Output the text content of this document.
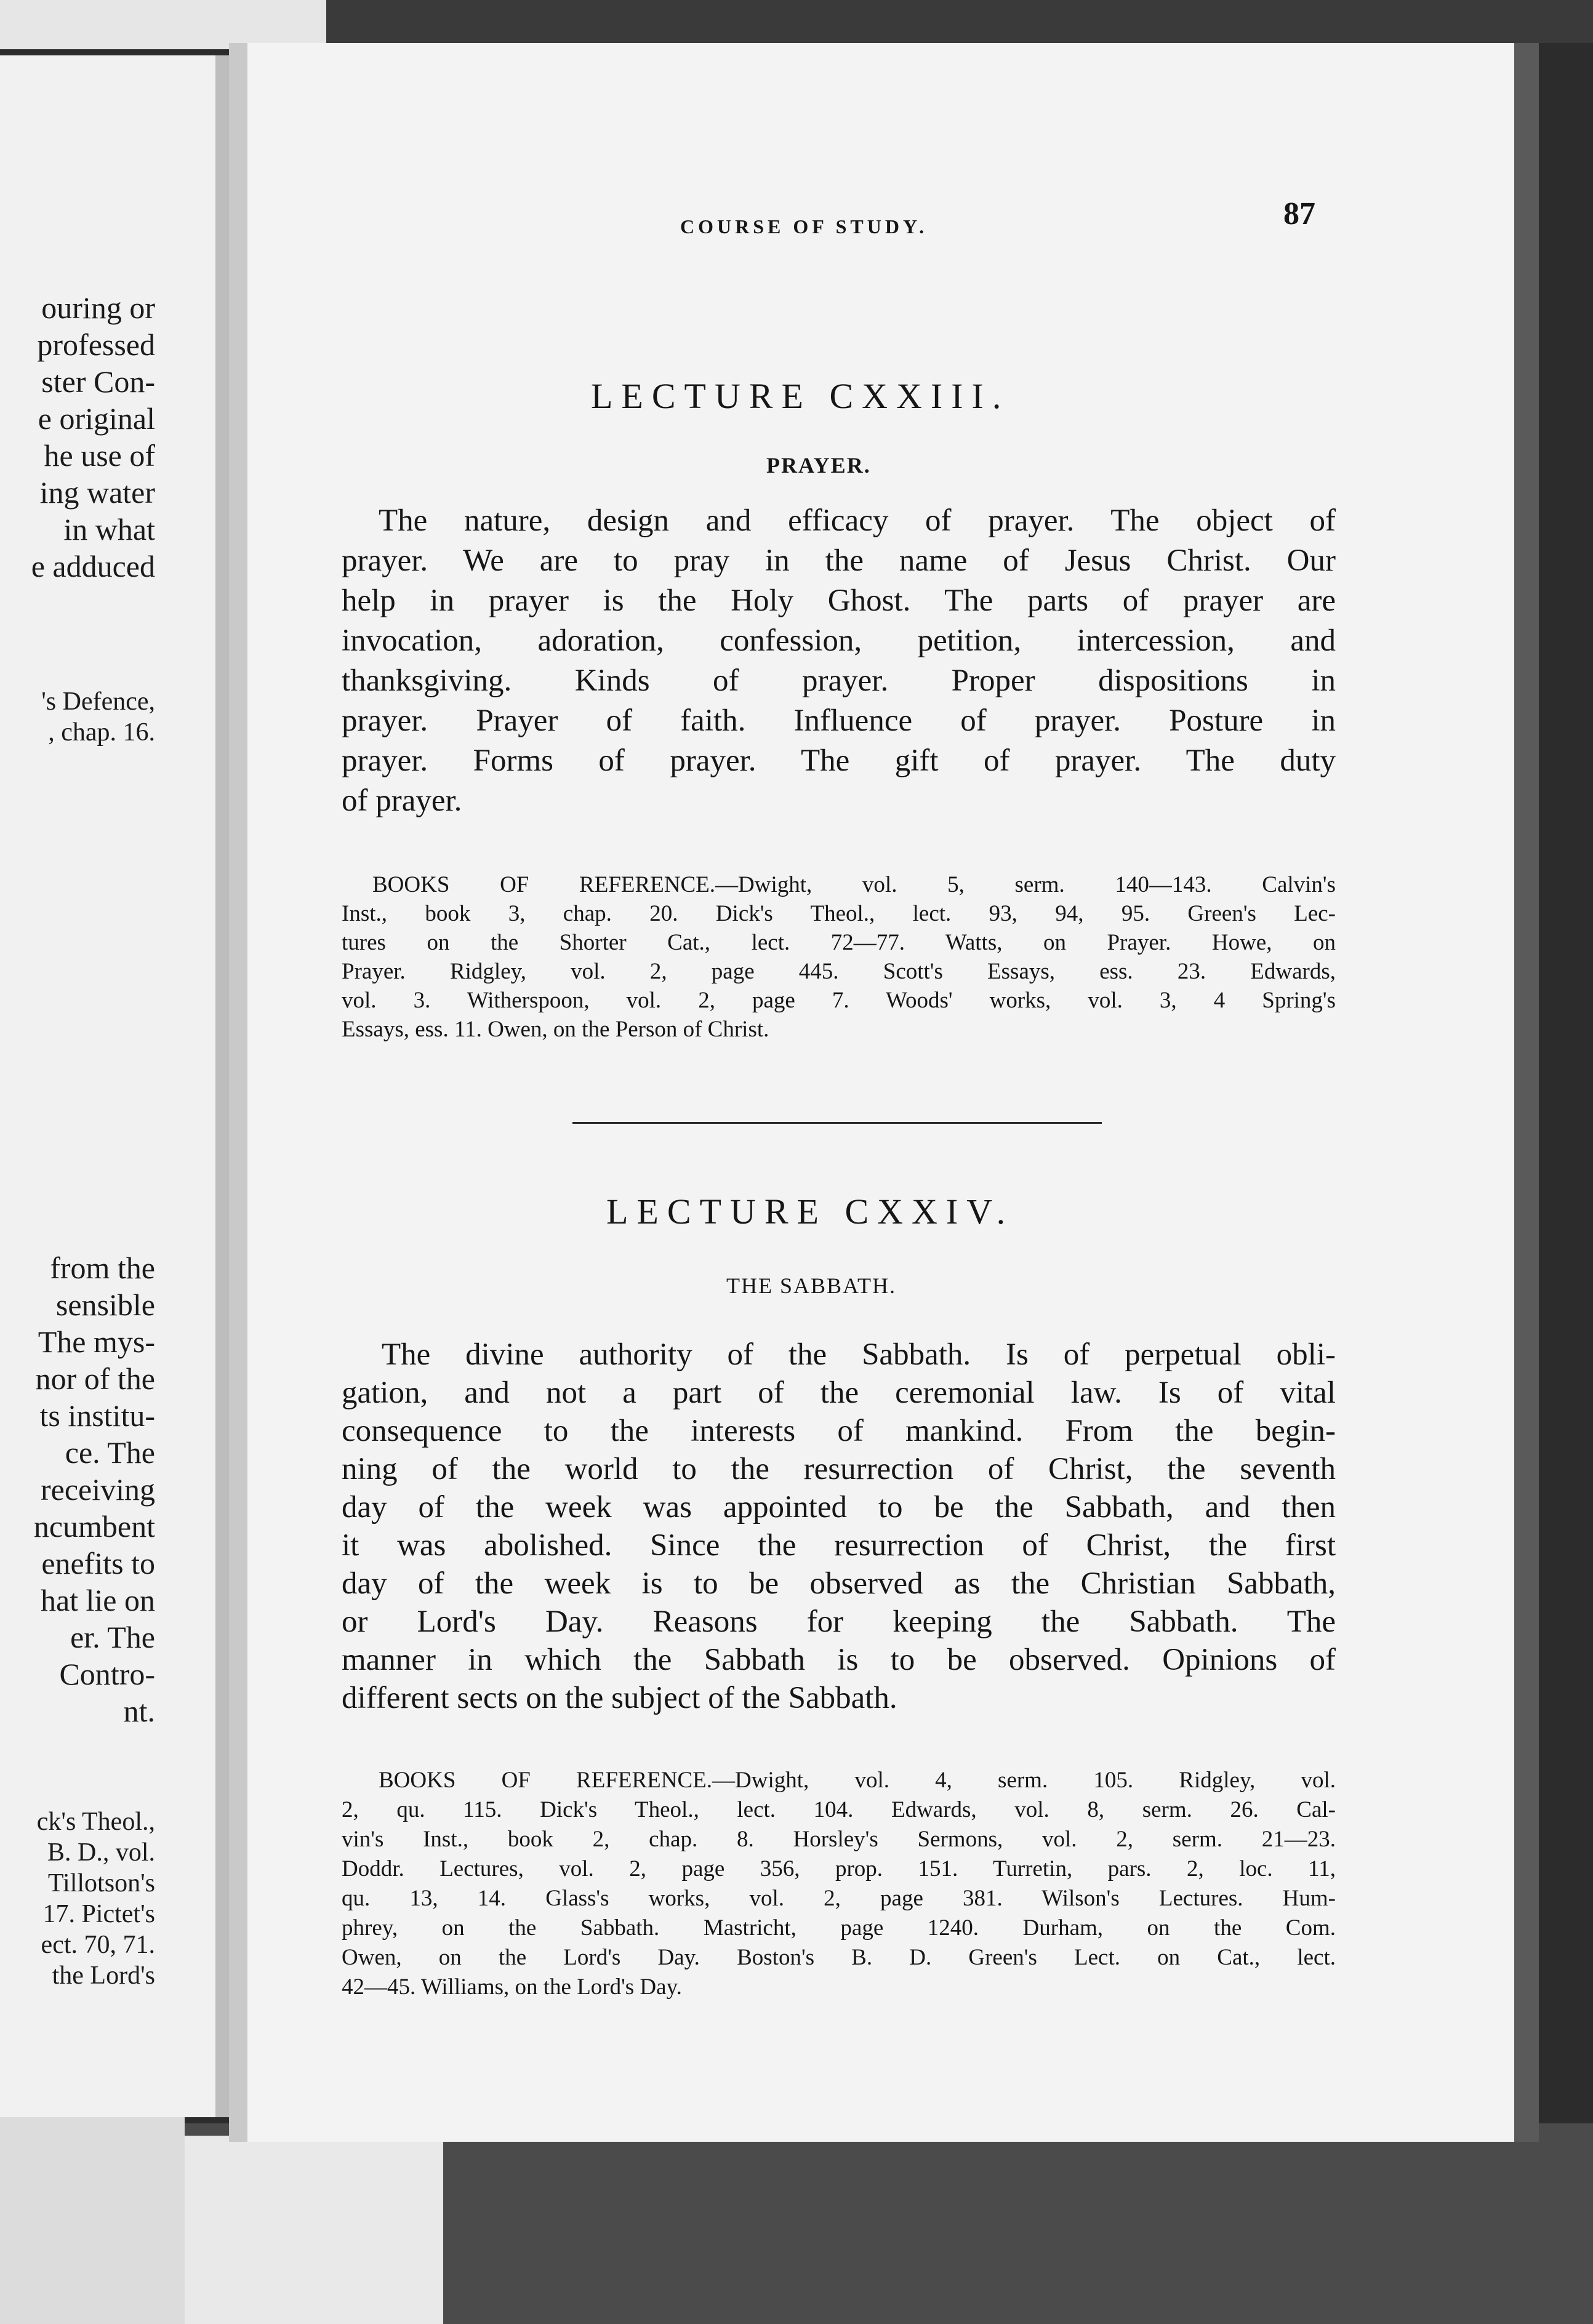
ouring or
professed
ster Con-
e original
he use of
ing water
in what
e adduced
's Defence,
, chap. 16.
from the
sensible
The mys-
nor of the
ts institu-
ce. The
receiving
ncumbent
enefits to
hat lie on
er. The
Contro-
nt.
ck's Theol.,
B. D., vol.
Tillotson's
17. Pictet's
ect. 70, 71.
the Lord's
COURSE OF STUDY.	87
LECTURE CXXIII.
PRAYER.
The nature, design and efficacy of prayer. The object of
prayer. We are to pray in the name of Jesus Christ. Our
help in prayer is the Holy Ghost. The parts of prayer are
invocation, adoration, confession, petition, intercession, and
thanksgiving. Kinds of prayer. Proper dispositions in
prayer. Prayer of faith. Influence of prayer. Posture in
prayer. Forms of prayer. The gift of prayer. The duty
of prayer.
BOOKS OF REFERENCE.—Dwight, vol. 5, serm. 140—143. Calvin's
Inst., book 3, chap. 20. Dick's Theol., lect. 93, 94, 95. Green's Lec-
tures on the Shorter Cat., lect. 72—77. Watts, on Prayer. Howe, on
Prayer. Ridgley, vol. 2, page 445. Scott's Essays, ess. 23. Edwards,
vol. 3. Witherspoon, vol. 2, page 7. Woods' works, vol. 3, 4 Spring's
Essays, ess. 11. Owen, on the Person of Christ.
LECTURE CXXIV.
THE SABBATH.
The divine authority of the Sabbath. Is of perpetual obli-
gation, and not a part of the ceremonial law. Is of vital
consequence to the interests of mankind. From the begin-
ning of the world to the resurrection of Christ, the seventh
day of the week was appointed to be the Sabbath, and then
it was abolished. Since the resurrection of Christ, the first
day of the week is to be observed as the Christian Sabbath,
or Lord's Day. Reasons for keeping the Sabbath. The
manner in which the Sabbath is to be observed. Opinions of
different sects on the subject of the Sabbath.
BOOKS OF REFERENCE.—Dwight, vol. 4, serm. 105. Ridgley, vol.
2, qu. 115. Dick's Theol., lect. 104. Edwards, vol. 8, serm. 26. Cal-
vin's Inst., book 2, chap. 8. Horsley's Sermons, vol. 2, serm. 21—23.
Doddr. Lectures, vol. 2, page 356, prop. 151. Turretin, pars. 2, loc. 11,
qu. 13, 14. Glass's works, vol. 2, page 381. Wilson's Lectures. Hum-
phrey, on the Sabbath. Mastricht, page 1240. Durham, on the Com.
Owen, on the Lord's Day. Boston's B. D. Green's Lect. on Cat., lect.
42—45. Williams, on the Lord's Day.
